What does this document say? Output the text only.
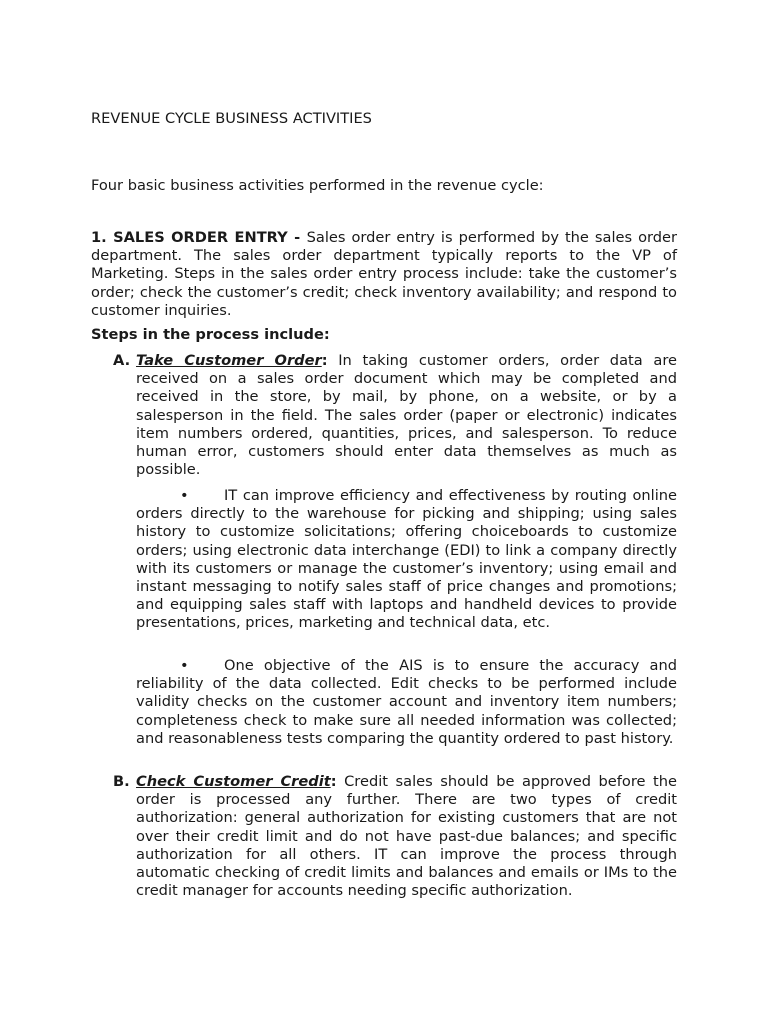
REVENUE CYCLE BUSINESS ACTIVITIES

Four basic business activities performed in the revenue cycle:

1. SALES ORDER ENTRY - Sales order entry is performed by the sales order department. The sales order department typically reports to the VP of Marketing. Steps in the sales order entry process include: take the customer’s order; check the customer’s credit; check inventory availability; and respond to customer inquiries.

Steps in the process include:

A. Take Customer Order: In taking customer orders, order data are received on a sales order document which may be completed and received in the store, by mail, by phone, on a website, or by a salesperson in the field. The sales order (paper or electronic) indicates item numbers ordered, quantities, prices, and salesperson. To reduce human error, customers should enter data themselves as much as possible.
• IT can improve efficiency and effectiveness by routing online orders directly to the warehouse for picking and shipping; using sales history to customize solicitations; offering choiceboards to customize orders; using electronic data interchange (EDI) to link a company directly with its customers or manage the customer’s inventory; using email and instant messaging to notify sales staff of price changes and promotions; and equipping sales staff with laptops and handheld devices to provide presentations, prices, marketing and technical data, etc.
• One objective of the AIS is to ensure the accuracy and reliability of the data collected. Edit checks to be performed include validity checks on the customer account and inventory item numbers; completeness check to make sure all needed information was collected; and reasonableness tests comparing the quantity ordered to past history.
B. Check Customer Credit: Credit sales should be approved before the order is processed any further. There are two types of credit authorization: general authorization for existing customers that are not over their credit limit and do not have past-due balances; and specific authorization for all others. IT can improve the process through automatic checking of credit limits and balances and emails or IMs to the credit manager for accounts needing specific authorization.
